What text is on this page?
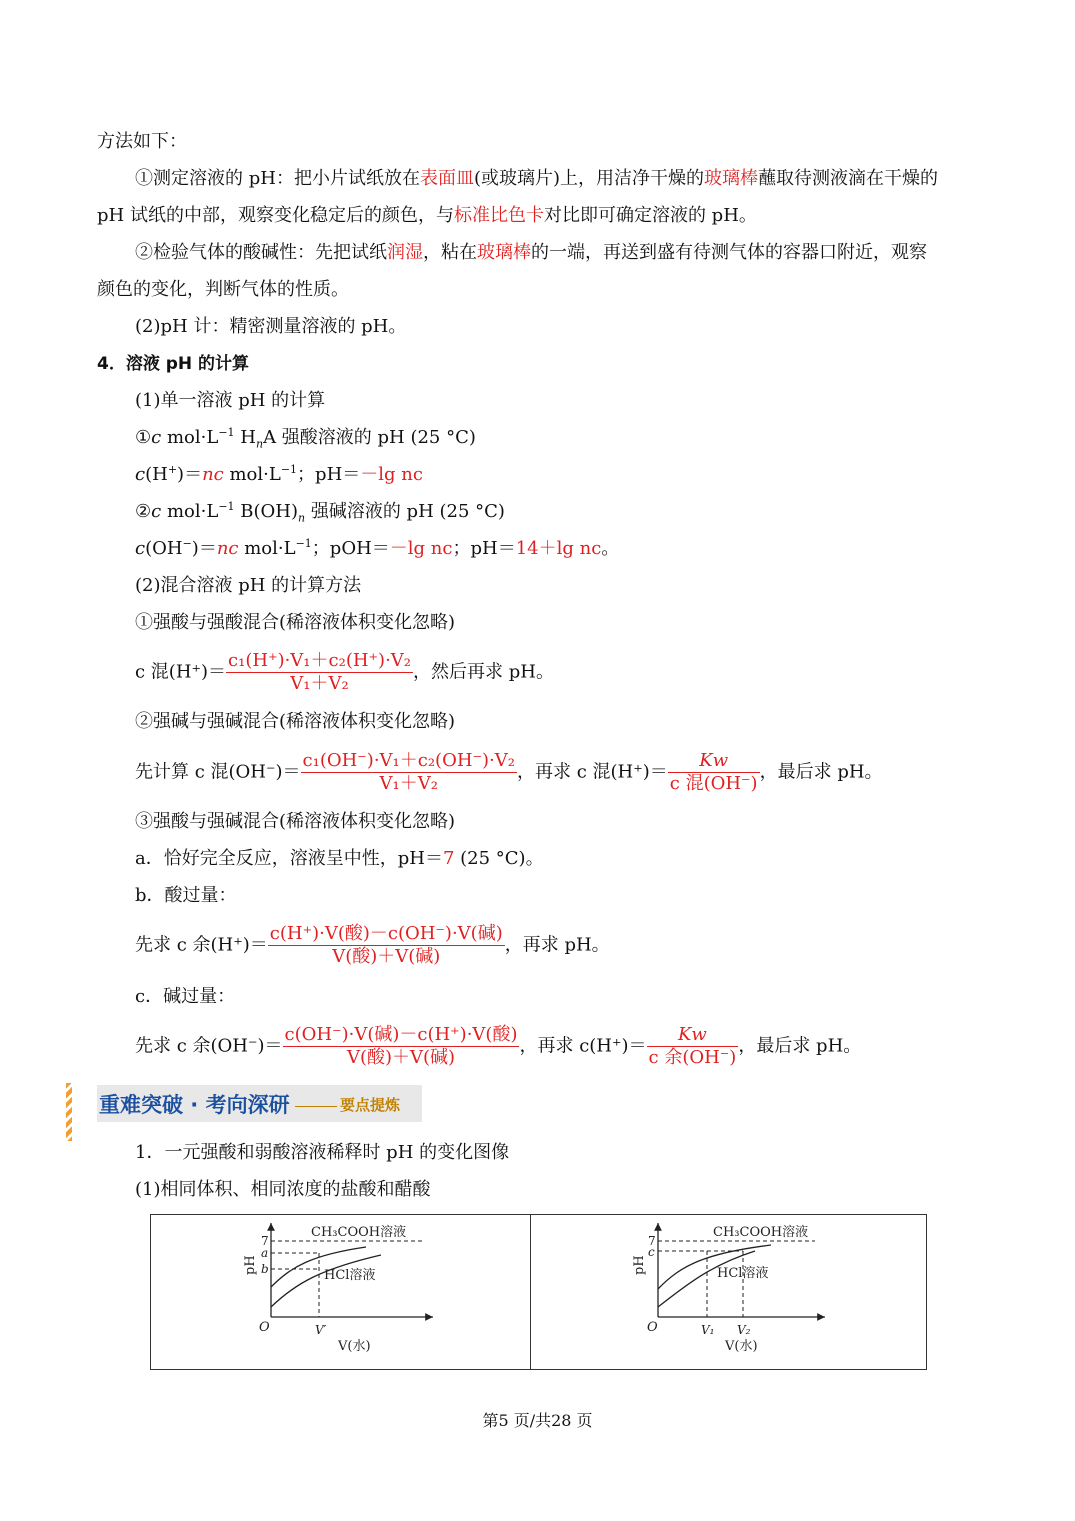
方法如下：
①测定溶液的 pH：把小片试纸放在表面皿(或玻璃片)上，用洁净干燥的玻璃棒蘸取待测液滴在干燥的
pH 试纸的中部，观察变化稳定后的颜色，与标准比色卡对比即可确定溶液的 pH。
②检验气体的酸碱性：先把试纸润湿，粘在玻璃棒的一端，再送到盛有待测气体的容器口附近，观察
颜色的变化，判断气体的性质。
(2)pH 计：精密测量溶液的 pH。
4．溶液 pH 的计算
(1)单一溶液 pH 的计算
①c $mol\cdot L^{-1}$ $H_nA$ 强酸溶液的 pH (25 °C)
c(H+)＝nc $mol\cdot L^{-1}$；pH＝－lg nc
②c $mol\cdot L^{-1}$ $B(OH)_n$ 强碱溶液的 pH (25 °C)
c(OH−)＝nc $mol\cdot L^{-1}$；pOH＝－lg nc；pH＝14＋lg nc。
(2)混合溶液 pH 的计算方法
①强酸与强酸混合(稀溶液体积变化忽略)
c 混$(H^+)= \frac{\text{c₁(H⁺)·V₁＋c₂(H⁺)·V₂}}{\text{V₁＋V₂}}$ ，然后再求 pH。
②强碱与强碱混合(稀溶液体积变化忽略)
先计算 c 混$(OH^-)= \frac{\text{c₁(OH⁻)·V₁＋c₂(OH⁻)·V₂}}{\text{V₁＋V₂}}$ ，再求 c 混$(H^+)= \frac{Kw}{\text{c 混(OH⁻)}}$ ，最后求 pH。
③强酸与强碱混合(稀溶液体积变化忽略)
a．恰好完全反应，溶液呈中性，pH＝7 (25 °C)。
b．酸过量：
先求 c 余$(H^+)= \frac{\text{c(H⁺)·V(酸)－c(OH⁻)·V(碱)}}{\text{V(酸)＋V(碱)}}$ ，再求 pH。
c．碱过量：
先求 c 余$(OH^-)= \frac{\text{c(OH⁻)·V(碱)－c(H⁺)·V(酸)}}{\text{V(酸)＋V(碱)}}$ ，再求 $c(H^+)= \frac{Kw}{\text{c 余(OH⁻)}}$ ，最后求 pH。
重难突破 · 考向深研	要点提炼
1．一元强酸和弱酸溶液稀释时 pH 的变化图像
(1)相同体积、相同浓度的盐酸和醋酸
CH₃COOH溶液
HCl溶液
pH
V(水)
O
7
a
b
V′
CH₃COOH溶液
HCl溶液
pH
V(水)
O
7
c
V₁ V₂
第5 页/共28 页
